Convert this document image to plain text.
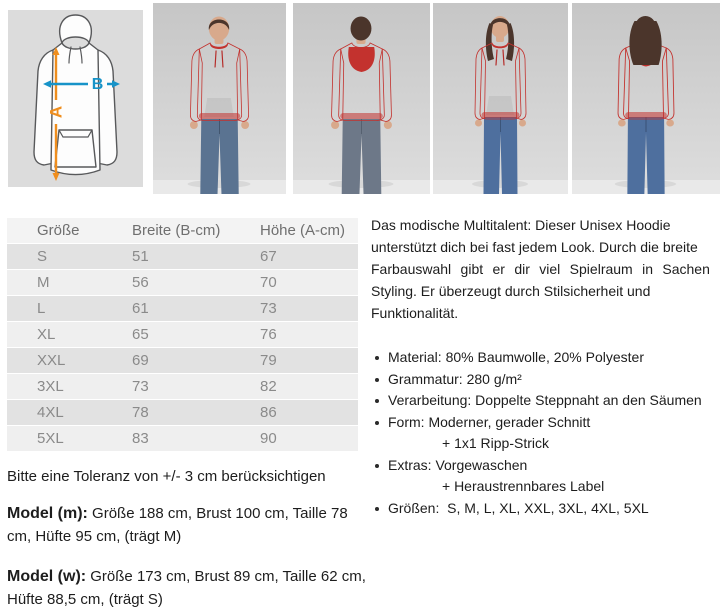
A
B
Größe	Breite (B-cm)	Höhe (A-cm)
S	51	67
M	56	70
L	61	73
XL	65	76
XXL	69	79
3XL	73	82
4XL	78	86
5XL	83	90
Das modische Multitalent: Dieser Unisex Hoodie
unterstützt dich bei fast jedem Look. Durch die breite
Farbauswahl gibt er dir viel Spielraum in Sachen
Styling. Er überzeugt durch Stilsicherheit und
Funktionalität.
Material: 80% Baumwolle, 20% Polyester
Grammatur: 280 g/m²
Verarbeitung: Doppelte Steppnaht an den Säumen
Form: Moderner, gerader Schnitt
+ 1x1 Ripp-Strick
Extras: Vorgewaschen
+ Heraustrennbares Label
Größen:  S, M, L, XL, XXL, 3XL, 4XL, 5XL
Bitte eine Toleranz von +/- 3 cm berücksichtigen
Model (m): Größe 188 cm, Brust 100 cm, Taille 78 cm, Hüfte 95 cm, (trägt M)
Model (w): Größe 173 cm, Brust 89 cm, Taille 62 cm, Hüfte 88,5 cm, (trägt S)
